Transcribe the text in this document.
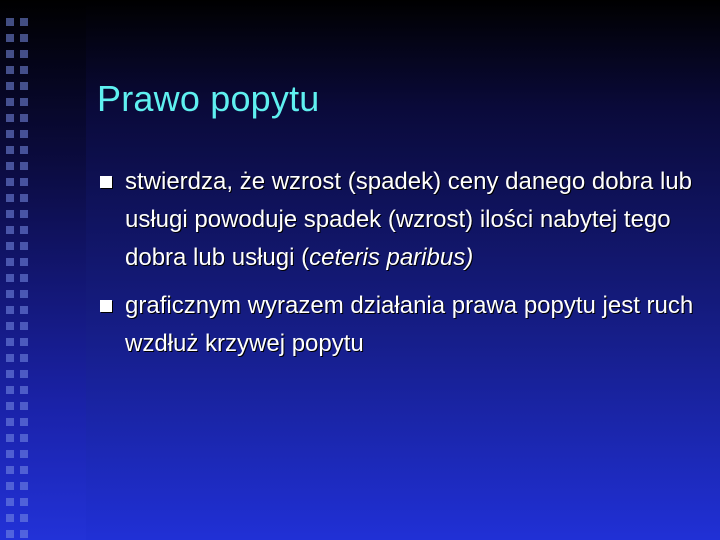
Prawo popytu
stwierdza, że wzrost (spadek) ceny danego dobra lub usługi powoduje spadek (wzrost) ilości nabytej tego dobra lub usługi (ceteris paribus)
graficznym wyrazem działania prawa popytu jest ruch wzdłuż krzywej popytu
